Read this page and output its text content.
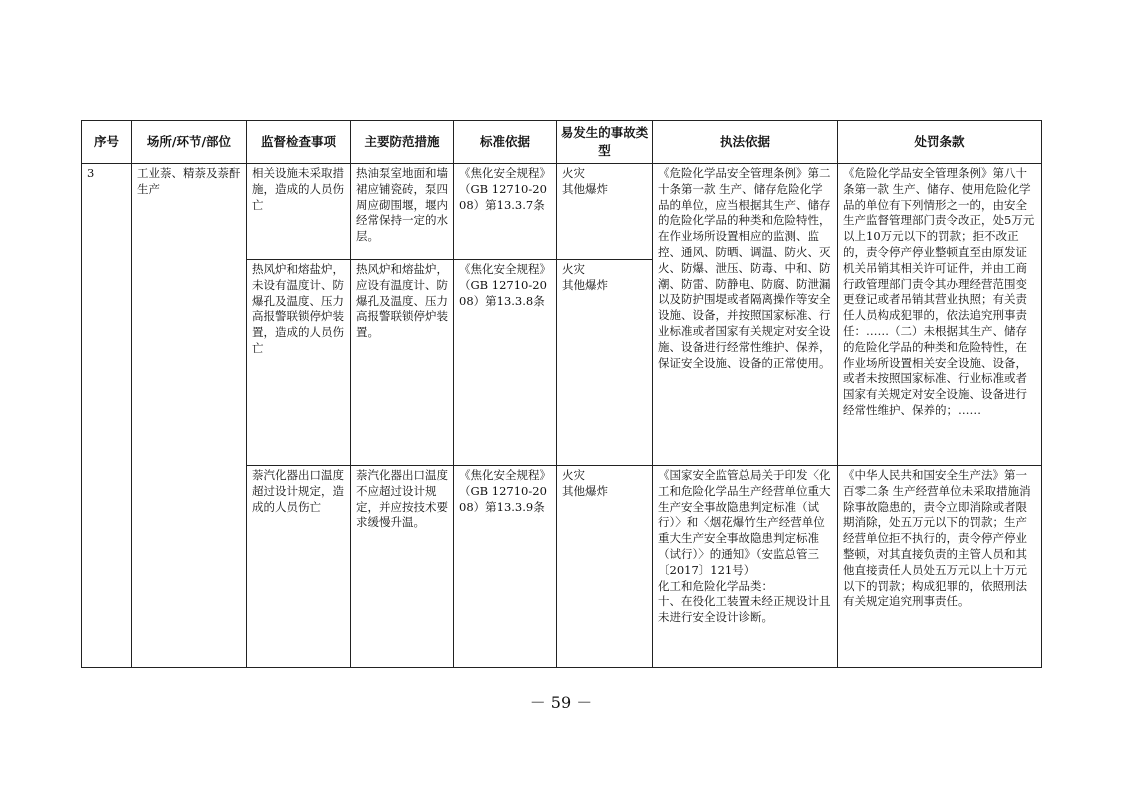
序号	场所/环节/部位	监督检查事项	主要防范措施	标准依据	易发生的事故类型	执法依据	处罚条款
3	工业萘、精萘及萘酐生产	相关设施未采取措施，造成的人员伤亡	热油泵室地面和墙裙应铺瓷砖，泵四周应砌围堰，堰内经常保持一定的水层。	《焦化安全规程》（GB 12710-2008）第13.3.7条	火灾
其他爆炸	《危险化学品安全管理条例》第二十条第一款 生产、储存危险化学品的单位，应当根据其生产、储存的危险化学品的种类和危险特性，在作业场所设置相应的监测、监控、通风、防晒、调温、防火、灭火、防爆、泄压、防毒、中和、防潮、防雷、防静电、防腐、防泄漏以及防护围堤或者隔离操作等安全设施、设备，并按照国家标准、行业标准或者国家有关规定对安全设施、设备进行经常性维护、保养，保证安全设施、设备的正常使用。	《危险化学品安全管理条例》第八十条第一款 生产、储存、使用危险化学品的单位有下列情形之一的，由安全生产监督管理部门责令改正，处5万元以上10万元以下的罚款；拒不改正的，责令停产停业整顿直至由原发证机关吊销其相关许可证件，并由工商行政管理部门责令其办理经营范围变更登记或者吊销其营业执照；有关责任人员构成犯罪的，依法追究刑事责任：……（二）未根据其生产、储存的危险化学品的种类和危险特性，在作业场所设置相关安全设施、设备，或者未按照国家标准、行业标准或者国家有关规定对安全设施、设备进行经常性维护、保养的；……
		热风炉和熔盐炉，未设有温度计、防爆孔及温度、压力高报警联锁停炉装置，造成的人员伤亡	热风炉和熔盐炉，应设有温度计、防爆孔及温度、压力高报警联锁停炉装置。	《焦化安全规程》（GB 12710-2008）第13.3.8条	火灾
其他爆炸		
		萘汽化器出口温度超过设计规定，造成的人员伤亡	萘汽化器出口温度不应超过设计规定，并应按技术要求缓慢升温。	《焦化安全规程》（GB 12710-2008）第13.3.9条	火灾
其他爆炸	《国家安全监管总局关于印发〈化工和危险化学品生产经营单位重大生产安全事故隐患判定标准（试行）〉和〈烟花爆竹生产经营单位重大生产安全事故隐患判定标准（试行）〉的通知》（安监总管三〔2017〕121号）
化工和危险化学品类：
十、在役化工装置未经正规设计且未进行安全设计诊断。	《中华人民共和国安全生产法》第一百零二条 生产经营单位未采取措施消除事故隐患的，责令立即消除或者限期消除，处五万元以下的罚款；生产经营单位拒不执行的，责令停产停业整顿，对其直接负责的主管人员和其他直接责任人员处五万元以上十万元以下的罚款；构成犯罪的，依照刑法有关规定追究刑事责任。
－ 59 －
